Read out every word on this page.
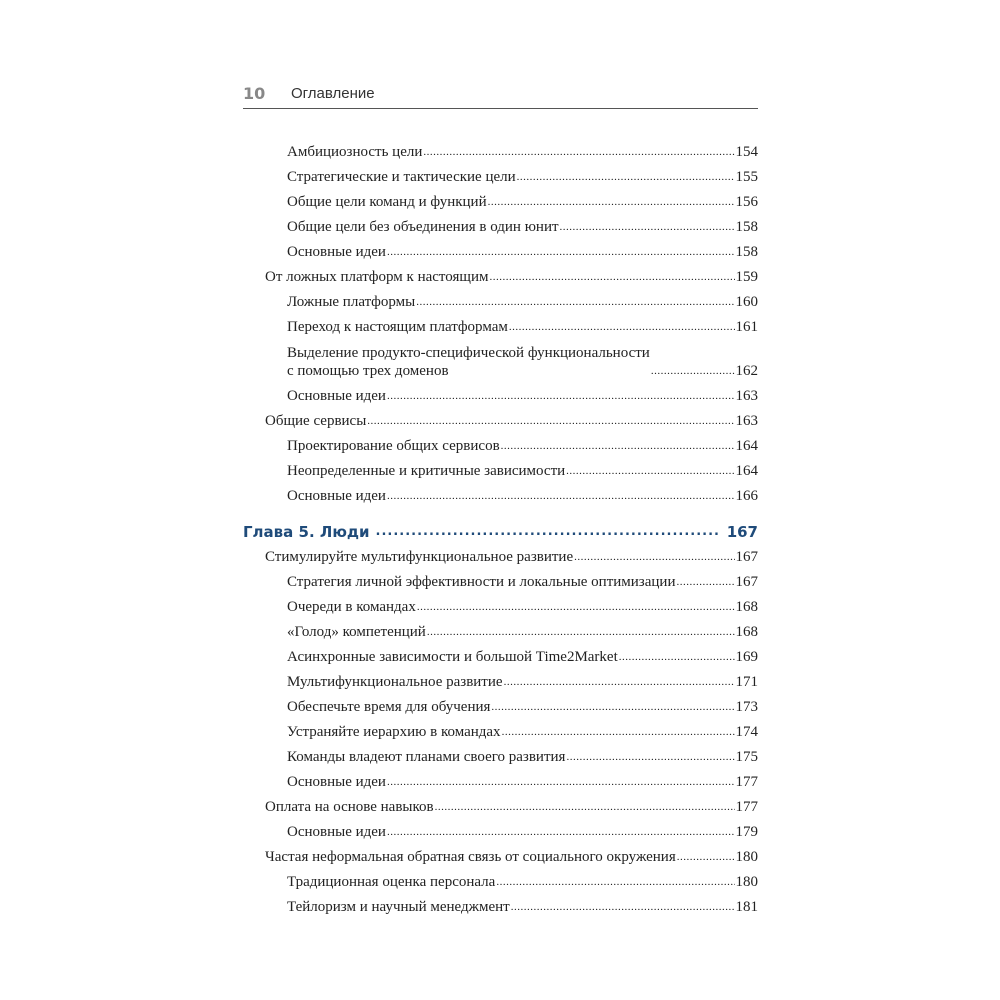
10	Оглавление
Амбициозность цели .....	154
Стратегические и тактические цели .....	155
Общие цели команд и функций .....	156
Общие цели без объединения в один юнит .....	158
Основные идеи .....	158
От ложных платформ к настоящим .....	159
Ложные платформы .....	160
Переход к настоящим платформам .....	161
Выделение продукто-специфической функциональности
с помощью трех доменов .....	162
Основные идеи .....	163
Общие сервисы .....	163
Проектирование общих сервисов .....	164
Неопределенные и критичные зависимости .....	164
Основные идеи .....	166
Глава 5. Люди .....	167
Стимулируйте мультифункциональное развитие .....	167
Стратегия личной эффективности и локальные оптимизации .....	167
Очереди в командах .....	168
«Голод» компетенций .....	168
Асинхронные зависимости и большой Time2Market .....	169
Мультифункциональное развитие .....	171
Обеспечьте время для обучения .....	173
Устраняйте иерархию в командах .....	174
Команды владеют планами своего развития .....	175
Основные идеи .....	177
Оплата на основе навыков .....	177
Основные идеи .....	179
Частая неформальная обратная связь от социального окружения .....	180
Традиционная оценка персонала .....	180
Тейлоризм и научный менеджмент .....	181
